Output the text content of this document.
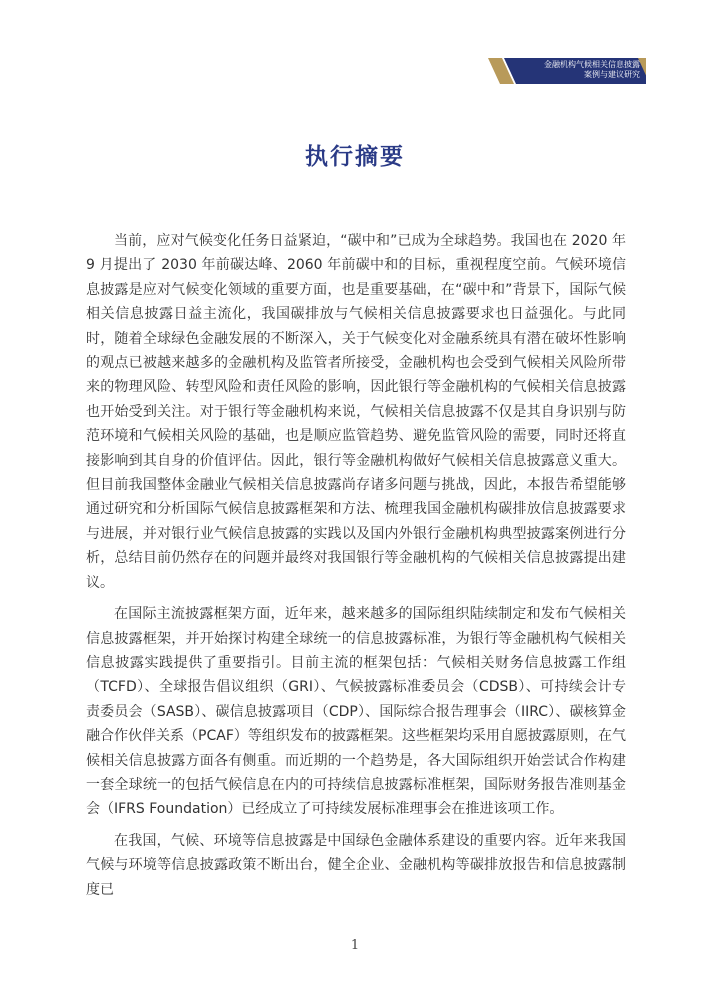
金融机构气候相关信息披露
案例与建议研究
执行摘要

当前，应对气候变化任务日益紧迫，“碳中和”已成为全球趋势。我国也在 2020 年 9 月提出了 2030 年前碳达峰、2060 年前碳中和的目标，重视程度空前。气候环境信息披露是应对气候变化领域的重要方面，也是重要基础，在“碳中和”背景下，国际气候相关信息披露日益主流化，我国碳排放与气候相关信息披露要求也日益强化。与此同时，随着全球绿色金融发展的不断深入，关于气候变化对金融系统具有潜在破坏性影响的观点已被越来越多的金融机构及监管者所接受，金融机构也会受到气候相关风险所带来的物理风险、转型风险和责任风险的影响，因此银行等金融机构的气候相关信息披露也开始受到关注。对于银行等金融机构来说，气候相关信息披露不仅是其自身识别与防范环境和气候相关风险的基础，也是顺应监管趋势、避免监管风险的需要，同时还将直接影响到其自身的价值评估。因此，银行等金融机构做好气候相关信息披露意义重大。但目前我国整体金融业气候相关信息披露尚存诸多问题与挑战，因此，本报告希望能够通过研究和分析国际气候信息披露框架和方法、梳理我国金融机构碳排放信息披露要求与进展，并对银行业气候信息披露的实践以及国内外银行金融机构典型披露案例进行分析，总结目前仍然存在的问题并最终对我国银行等金融机构的气候相关信息披露提出建议。

在国际主流披露框架方面，近年来，越来越多的国际组织陆续制定和发布气候相关信息披露框架，并开始探讨构建全球统一的信息披露标准，为银行等金融机构气候相关信息披露实践提供了重要指引。目前主流的框架包括：气候相关财务信息披露工作组（TCFD）、全球报告倡议组织（GRI）、气候披露标准委员会（CDSB）、可持续会计专责委员会（SASB）、碳信息披露项目（CDP）、国际综合报告理事会（IIRC）、碳核算金融合作伙伴关系（PCAF）等组织发布的披露框架。这些框架均采用自愿披露原则，在气候相关信息披露方面各有侧重。而近期的一个趋势是，各大国际组织开始尝试合作构建一套全球统一的包括气候信息在内的可持续信息披露标准框架，国际财务报告准则基金会（IFRS Foundation）已经成立了可持续发展标准理事会在推进该项工作。

在我国，气候、环境等信息披露是中国绿色金融体系建设的重要内容。近年来我国气候与环境等信息披露政策不断出台，健全企业、金融机构等碳排放报告和信息披露制度已

1
